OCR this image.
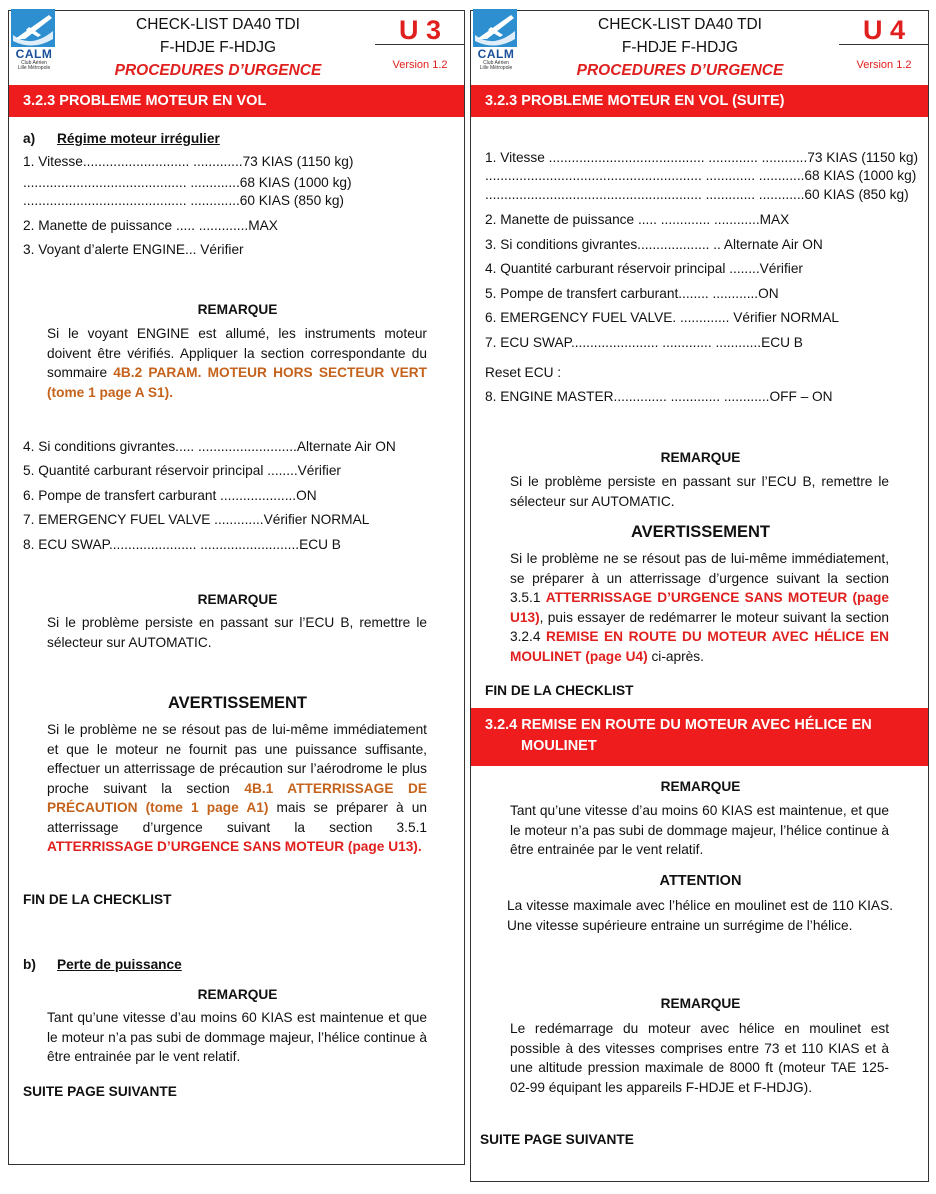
CALM
Club Aérien
Lille Métropole
CHECK-LIST DA40 TDI
F-HDJE F-HDJG
PROCEDURES D’URGENCE
U 3
Version 1.2
3.2.3 PROBLEME MOTEUR EN VOL
a) Régime moteur irrégulier
1. Vitesse............................ .............73 KIAS (1150 kg)
........................................... .............68 KIAS (1000 kg)
........................................... .............60 KIAS (850 kg)
2. Manette de puissance ..... .............MAX
3. Voyant d’alerte ENGINE... Vérifier
REMARQUE
Si le voyant ENGINE est allumé, les instruments moteur doivent être vérifiés. Appliquer la section correspondante du sommaire 4B.2 PARAM. MOTEUR HORS SECTEUR VERT (tome 1 page A S1).
4. Si conditions givrantes..... ..........................Alternate Air ON
5. Quantité carburant réservoir principal ........Vérifier
6. Pompe de transfert carburant ....................ON
7. EMERGENCY FUEL VALVE .............Vérifier NORMAL
8. ECU SWAP....................... ..........................ECU B
REMARQUE
Si le problème persiste en passant sur l’ECU B, remettre le sélecteur sur AUTOMATIC.
AVERTISSEMENT
Si le problème ne se résout pas de lui-même immédiatement et que le moteur ne fournit pas une puissance suffisante, effectuer un atterrissage de précaution sur l’aérodrome le plus proche suivant la section 4B.1 ATTERRISSAGE DE PRÉCAUTION (tome 1 page A1) mais se préparer à un atterrissage d’urgence suivant la section 3.5.1 ATTERRISSAGE D’URGENCE SANS MOTEUR (page U13).
FIN DE LA CHECKLIST
b) Perte de puissance
REMARQUE
Tant qu’une vitesse d’au moins 60 KIAS est maintenue et que le moteur n’a pas subi de dommage majeur, l’hélice continue à être entrainée par le vent relatif.
SUITE PAGE SUIVANTE
CALM
Club Aérien
Lille Métropole
CHECK-LIST DA40 TDI
F-HDJE F-HDJG
PROCEDURES D’URGENCE
U 4
Version 1.2
3.2.3 PROBLEME MOTEUR EN VOL (SUITE)
1. Vitesse ......................................... ............. ............73 KIAS (1150 kg)
......................................................... ............. ............68 KIAS (1000 kg)
......................................................... ............. ............60 KIAS (850 kg)
2. Manette de puissance ..... ............. ............MAX
3. Si conditions givrantes................... .. Alternate Air ON
4. Quantité carburant réservoir principal ........Vérifier
5. Pompe de transfert carburant........ ............ON
6. EMERGENCY FUEL VALVE. ............. Vérifier NORMAL
7. ECU SWAP....................... ............. ............ECU B
Reset ECU :
8. ENGINE MASTER.............. ............. ............OFF – ON
REMARQUE
Si le problème persiste en passant sur l’ECU B, remettre le sélecteur sur AUTOMATIC.
AVERTISSEMENT
Si le problème ne se résout pas de lui-même immédiatement, se préparer à un atterrissage d’urgence suivant la section 3.5.1 ATTERRISSAGE D’URGENCE SANS MOTEUR (page U13), puis essayer de redémarrer le moteur suivant la section 3.2.4 REMISE EN ROUTE DU MOTEUR AVEC HÉLICE EN MOULINET (page U4) ci-après.
FIN DE LA CHECKLIST
3.2.4 REMISE EN ROUTE DU MOTEUR AVEC HÉLICE EN
MOULINET
REMARQUE
Tant qu’une vitesse d’au moins 60 KIAS est maintenue, et que le moteur n’a pas subi de dommage majeur, l’hélice continue à être entrainée par le vent relatif.
ATTENTION
La vitesse maximale avec l’hélice en moulinet est de 110 KIAS. Une vitesse supérieure entraine un surrégime de l’hélice.
REMARQUE
Le redémarrage du moteur avec hélice en moulinet est possible à des vitesses comprises entre 73 et 110 KIAS et à une altitude pression maximale de 8000 ft (moteur TAE 125-02-99 équipant les appareils F-HDJE et F-HDJG).
SUITE PAGE SUIVANTE
